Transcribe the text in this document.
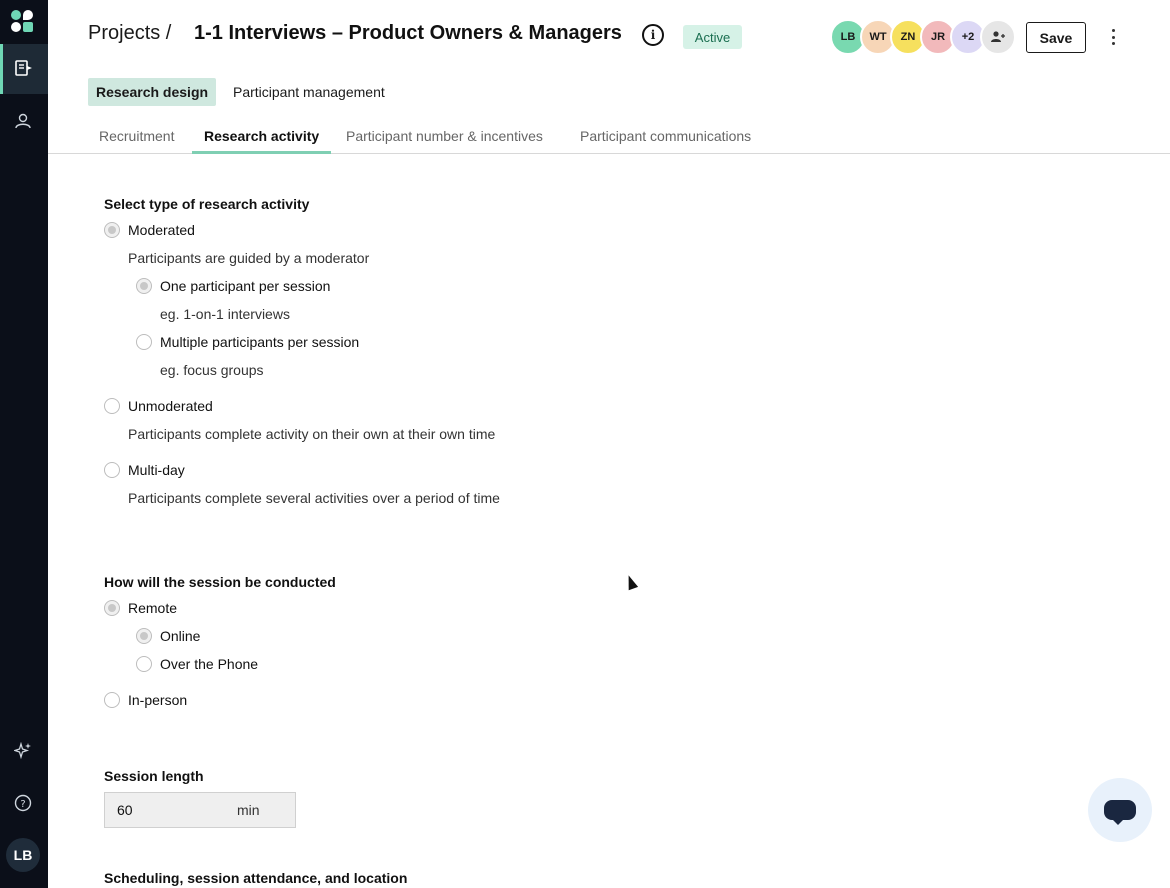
?
LB
Projects / 1-1 Interviews – Product Owners & Managers	i	Active	LB	WT	ZN	JR	+2	Save
Research design	Participant management
Recruitment	Research activity	Participant number & incentives	Participant communications
Select type of research activity
Moderated
Participants are guided by a moderator
One participant per session
eg. 1-on-1 interviews
Multiple participants per session
eg. focus groups
Unmoderated
Participants complete activity on their own at their own time
Multi-day
Participants complete several activities over a period of time
How will the session be conducted
Remote
Online
Over the Phone
In-person
Session length
60	min
Scheduling, session attendance, and location
